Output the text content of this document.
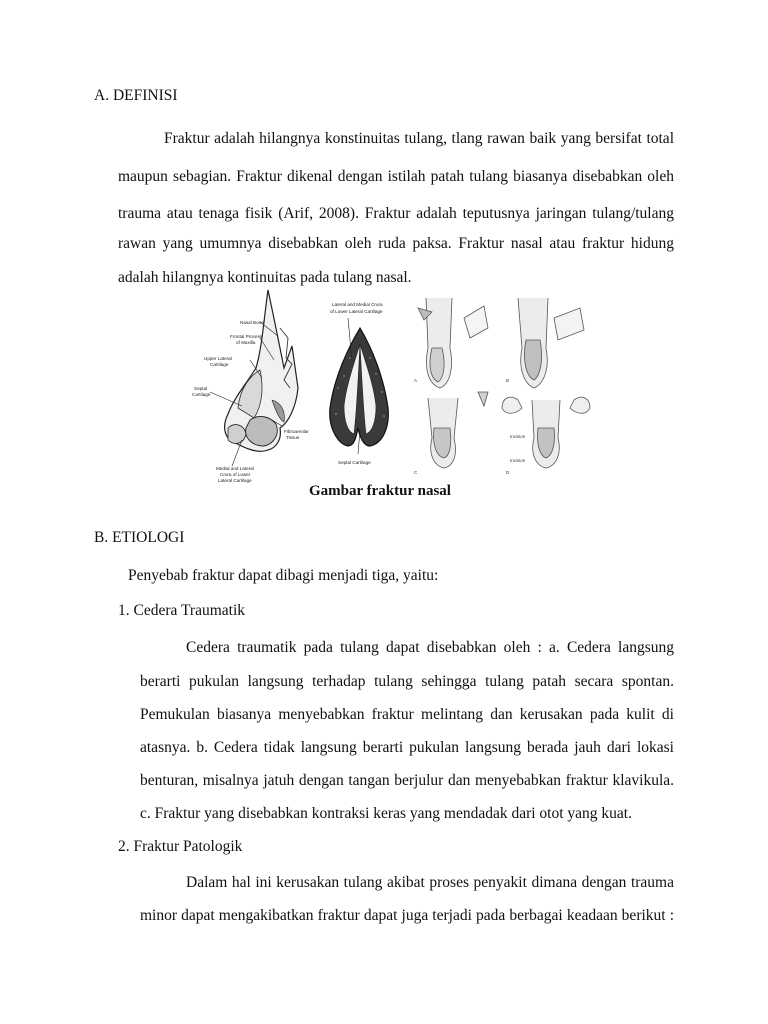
A. DEFINISI
Fraktur adalah hilangnya konstinuitas tulang, tlang rawan baik yang bersifat total
maupun sebagian. Fraktur dikenal dengan istilah patah tulang biasanya disebabkan oleh
trauma atau tenaga fisik (Arif, 2008). Fraktur adalah teputusnya jaringan tulang/tulang
rawan yang umumnya disebabkan oleh ruda paksa. Fraktur nasal atau fraktur hidung
adalah hilangnya kontinuitas pada tulang nasal.
Nasal Bone
Frontal Process
of Maxilla
Upper Lateral
Cartilage
Septal
Cartilage
Fibroareolar
Tissue
Medial and Lateral
Crura of Lower
Lateral Cartilage
Lateral and Medial Crura
of Lower Lateral Cartilage
Septal Cartilage
A	B
C	D
Incision
Incision
Gambar fraktur nasal
B. ETIOLOGI
Penyebab fraktur dapat dibagi menjadi tiga, yaitu:
1. Cedera Traumatik
Cedera traumatik pada tulang dapat disebabkan oleh : a. Cedera langsung
berarti pukulan langsung terhadap tulang sehingga tulang patah secara spontan.
Pemukulan biasanya menyebabkan fraktur melintang dan kerusakan pada kulit di
atasnya. b. Cedera tidak langsung berarti pukulan langsung berada jauh dari lokasi
benturan, misalnya jatuh dengan tangan berjulur dan menyebabkan fraktur klavikula.
c. Fraktur yang disebabkan kontraksi keras yang mendadak dari otot yang kuat.
2. Fraktur Patologik
Dalam hal ini kerusakan tulang akibat proses penyakit dimana dengan trauma
minor dapat mengakibatkan fraktur dapat juga terjadi pada berbagai keadaan berikut :
